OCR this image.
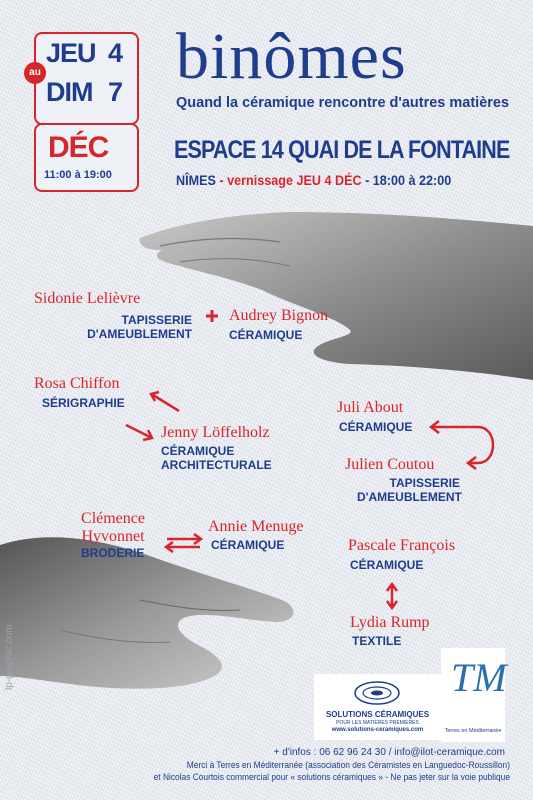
JEU 4
DIM 7
au
DÉC
11:00 à 19:00
binômes
Quand la céramique rencontre d'autres matières
ESPACE 14 QUAI DE LA FONTAINE
NÎMES - vernissage JEU 4 DÉC - 18:00 à 22:00
Sidonie Lelièvre
TAPISSERIE
D'AMEUBLEMENT
Audrey Bignon
CÉRAMIQUE
Rosa Chiffon
SÉRIGRAPHIE
Jenny Löffelholz
CÉRAMIQUE
ARCHITECTURALE
Juli About
CÉRAMIQUE
Julien Coutou
TAPISSERIE
D'AMEUBLEMENT
Clémence
Hyvonnet
BRODERIE
Annie Menuge
CÉRAMIQUE	Pascale François
CÉRAMIQUE
Lydia Rump
TEXTILE
lp-graphic.com
SOLUTIONS CÉRAMIQUES
POUR LES MATIÈRES PREMIÈRES
www.solutions-ceramiques.com
TM
Terres en Méditerranée
+ d'infos : 06 62 96 24 30 / info@ilot-ceramique.com
Merci à Terres en Méditerranée (association des Céramistes en Languedoc-Roussillon)
et Nicolas Courtois commercial pour « solutions céramiques » - Ne pas jeter sur la voie publique
